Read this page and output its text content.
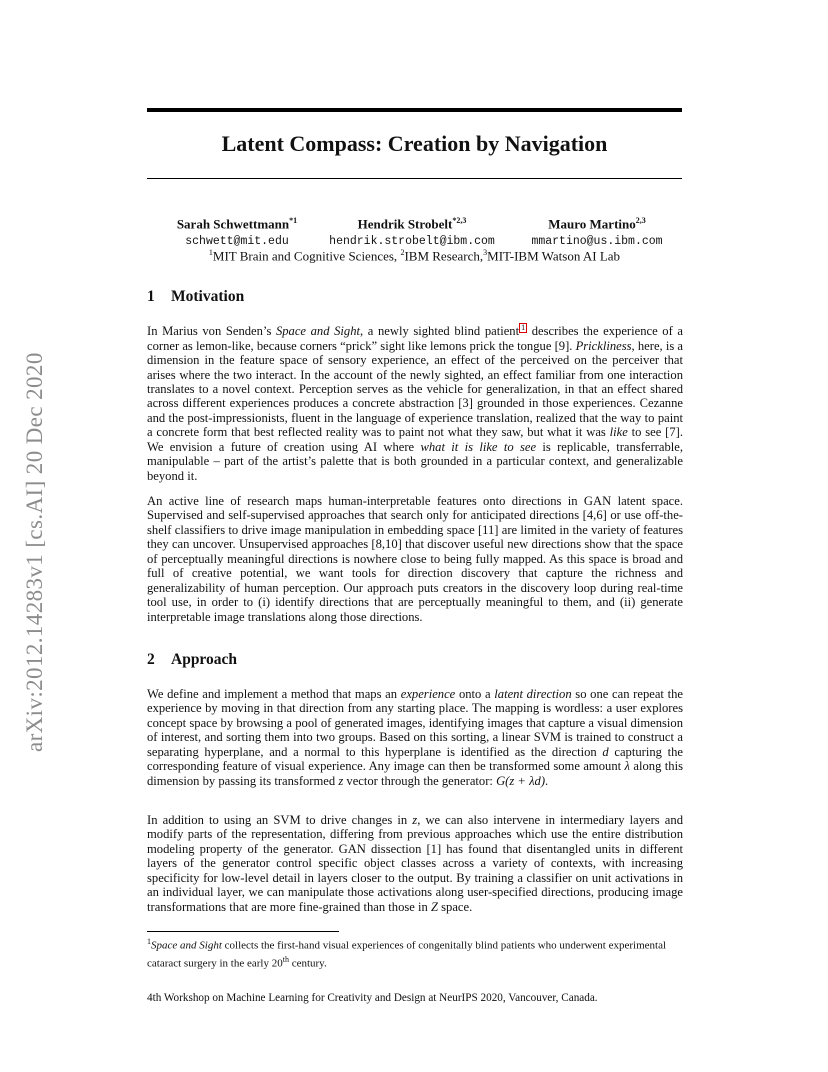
arXiv:2012.14283v1 [cs.AI] 20 Dec 2020
Latent Compass: Creation by Navigation
Sarah Schwettmann$^{*1}$
schwett@mit.edu
Hendrik Strobelt$^{*2,3}$
hendrik.strobelt@ibm.com
Mauro Martino$^{2,3}$
mmartino@us.ibm.com
$^1$MIT Brain and Cognitive Sciences, $^2$IBM Research,$^3$MIT-IBM Watson AI Lab
1 Motivation
In Marius von Senden’s Space and Sight, a newly sighted blind patient 1 describes the experience of a corner as lemon-like, because corners “prick” sight like lemons prick the tongue [9]. Prickliness, here, is a dimension in the feature space of sensory experience, an effect of the perceived on the perceiver that arises where the two interact. In the account of the newly sighted, an effect familiar from one interaction translates to a novel context. Perception serves as the vehicle for generalization, in that an effect shared across different experiences produces a concrete abstraction [3] grounded in those experiences. Cezanne and the post-impressionists, fluent in the language of experience translation, realized that the way to paint a concrete form that best reflected reality was to paint not what they saw, but what it was like to see [7]. We envision a future of creation using AI where what it is like to see is replicable, transferrable, manipulable – part of the artist’s palette that is both grounded in a particular context, and generalizable beyond it.
An active line of research maps human-interpretable features onto directions in GAN latent space. Supervised and self-supervised approaches that search only for anticipated directions [4,6] or use off-the-shelf classifiers to drive image manipulation in embedding space [11] are limited in the variety of features they can uncover. Unsupervised approaches [8,10] that discover useful new directions show that the space of perceptually meaningful directions is nowhere close to being fully mapped. As this space is broad and full of creative potential, we want tools for direction discovery that capture the richness and generalizability of human perception. Our approach puts creators in the discovery loop during real-time tool use, in order to (i) identify directions that are perceptually meaningful to them, and (ii) generate interpretable image translations along those directions.
2 Approach
We define and implement a method that maps an experience onto a latent direction so one can repeat the experience by moving in that direction from any starting place. The mapping is wordless: a user explores concept space by browsing a pool of generated images, identifying images that capture a visual dimension of interest, and sorting them into two groups. Based on this sorting, a linear SVM is trained to construct a separating hyperplane, and a normal to this hyperplane is identified as the direction d capturing the corresponding feature of visual experience. Any image can then be transformed some amount λ along this dimension by passing its transformed z vector through the generator: G(z + λd).
In addition to using an SVM to drive changes in z, we can also intervene in intermediary layers and modify parts of the representation, differing from previous approaches which use the entire distribution modeling property of the generator. GAN dissection [1] has found that disentangled units in different layers of the generator control specific object classes across a variety of contexts, with increasing specificity for low-level detail in layers closer to the output. By training a classifier on unit activations in an individual layer, we can manipulate those activations along user-specified directions, producing image transformations that are more fine-grained than those in Z space.
$^1$Space and Sight collects the first-hand visual experiences of congenitally blind patients who underwent experimental cataract surgery in the early 20th century.
4th Workshop on Machine Learning for Creativity and Design at NeurIPS 2020, Vancouver, Canada.
